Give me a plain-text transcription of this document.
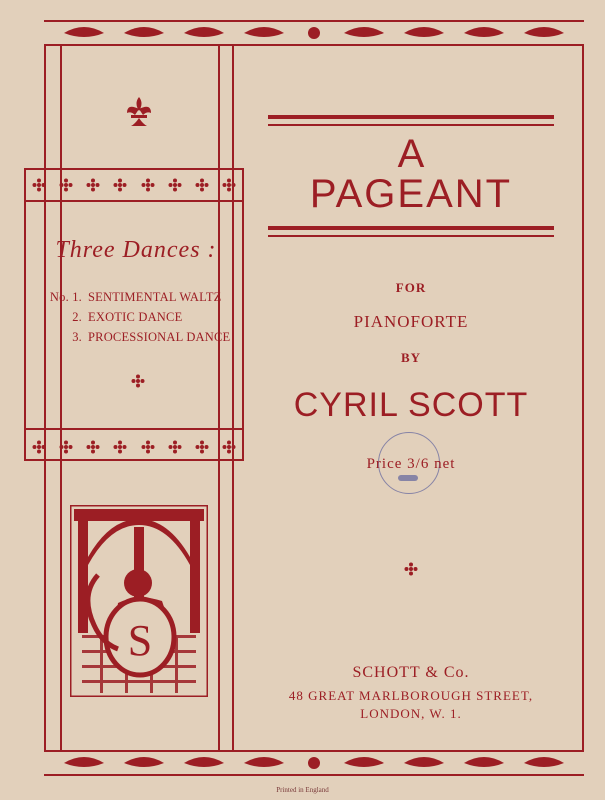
Three Dances :
No. 1. SENTIMENTAL WALTZ
2. EXOTIC DANCE
3. PROCESSIONAL DANCE
A
PAGEANT
FOR
PIANOFORTE
BY
CYRIL SCOTT
Price 3/6 net
S
SCHOTT & Co.
48 GREAT MARLBOROUGH STREET,
LONDON, W. 1.
Printed in England
